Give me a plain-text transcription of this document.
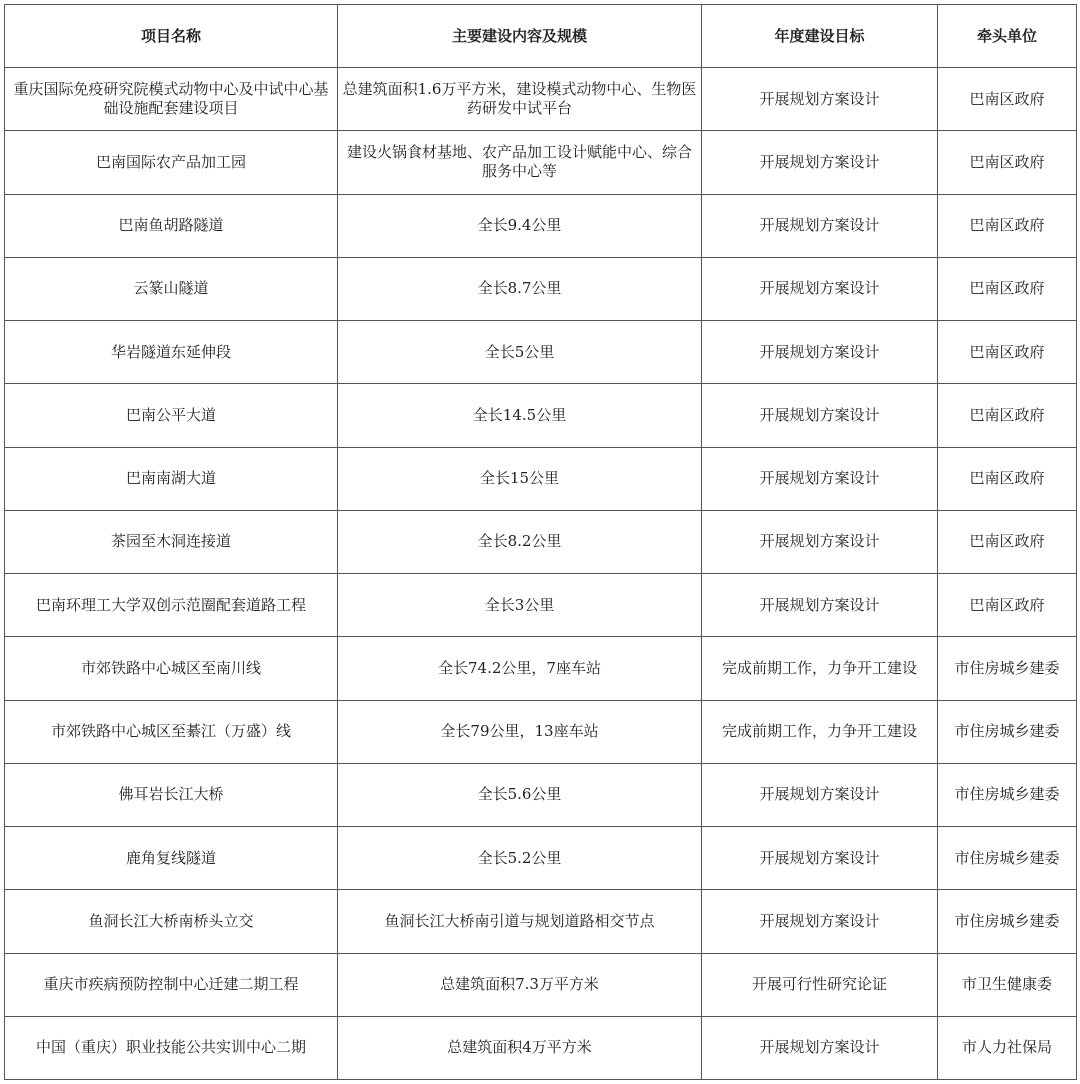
项目名称	主要建设内容及规模	年度建设目标	牵头单位
重庆国际免疫研究院模式动物中心及中试中心基础设施配套建设项目	总建筑面积1.6万平方米，建设模式动物中心、生物医药研发中试平台	开展规划方案设计	巴南区政府
巴南国际农产品加工园	建设火锅食材基地、农产品加工设计赋能中心、综合服务中心等	开展规划方案设计	巴南区政府
巴南鱼胡路隧道	全长9.4公里	开展规划方案设计	巴南区政府
云篆山隧道	全长8.7公里	开展规划方案设计	巴南区政府
华岩隧道东延伸段	全长5公里	开展规划方案设计	巴南区政府
巴南公平大道	全长14.5公里	开展规划方案设计	巴南区政府
巴南南湖大道	全长15公里	开展规划方案设计	巴南区政府
茶园至木洞连接道	全长8.2公里	开展规划方案设计	巴南区政府
巴南环理工大学双创示范圈配套道路工程	全长3公里	开展规划方案设计	巴南区政府
市郊铁路中心城区至南川线	全长74.2公里，7座车站	完成前期工作，力争开工建设	市住房城乡建委
市郊铁路中心城区至綦江（万盛）线	全长79公里，13座车站	完成前期工作，力争开工建设	市住房城乡建委
佛耳岩长江大桥	全长5.6公里	开展规划方案设计	市住房城乡建委
鹿角复线隧道	全长5.2公里	开展规划方案设计	市住房城乡建委
鱼洞长江大桥南桥头立交	鱼洞长江大桥南引道与规划道路相交节点	开展规划方案设计	市住房城乡建委
重庆市疾病预防控制中心迁建二期工程	总建筑面积7.3万平方米	开展可行性研究论证	市卫生健康委
中国（重庆）职业技能公共实训中心二期	总建筑面积4万平方米	开展规划方案设计	市人力社保局
